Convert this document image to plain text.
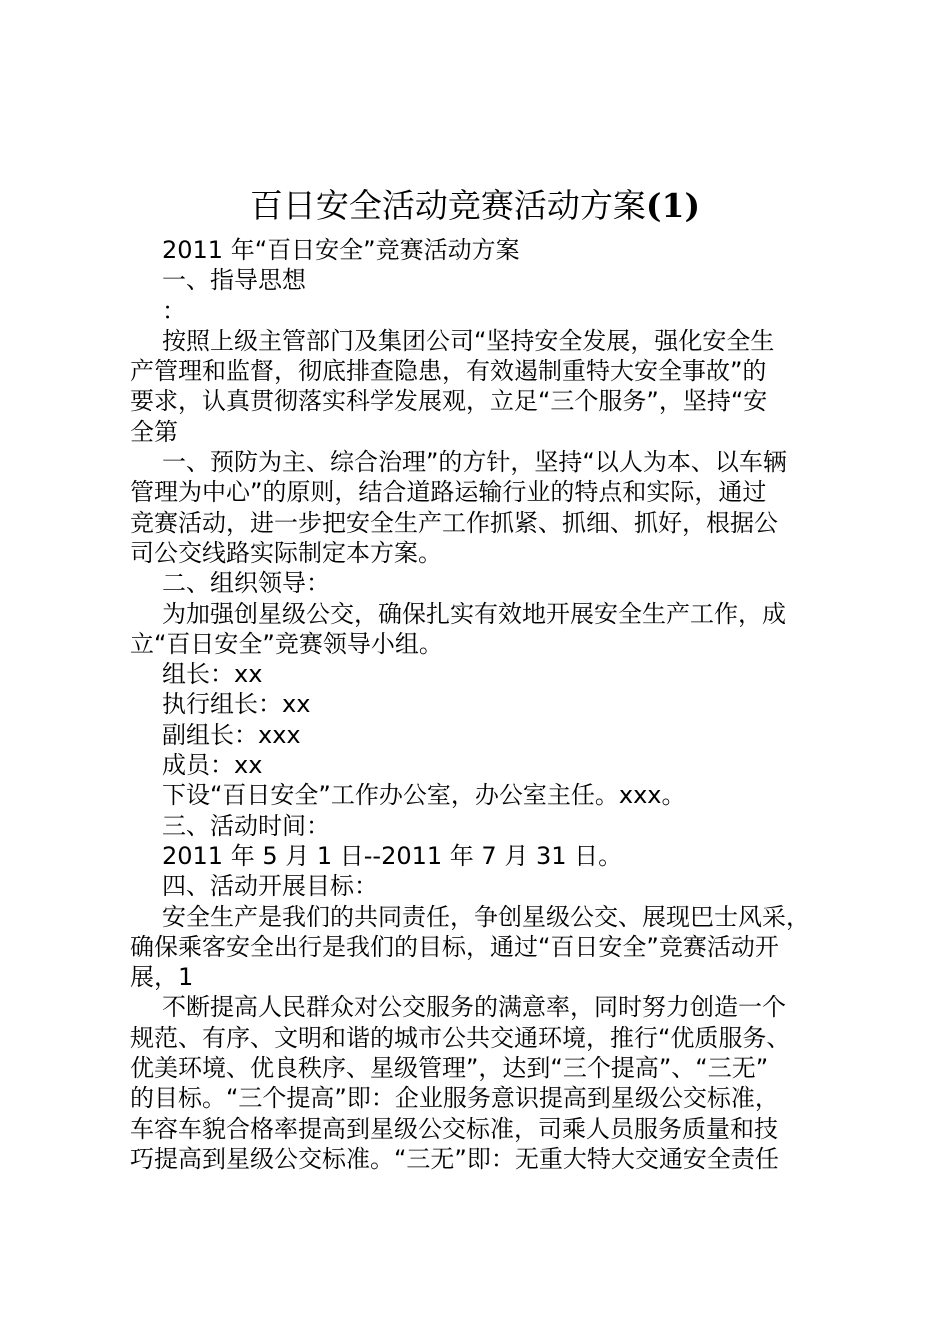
百日安全活动竞赛活动方案(1)

2011 年“百日安全”竞赛活动方案

一、指导思想

：

按照上级主管部门及集团公司“坚持安全发展，强化安全生
产管理和监督，彻底排查隐患，有效遏制重特大安全事故”的
要求，认真贯彻落实科学发展观，立足“三个服务”，坚持“安
全第

一、预防为主、综合治理”的方针，坚持“以人为本、以车辆
管理为中心”的原则，结合道路运输行业的特点和实际，通过
竞赛活动，进一步把安全生产工作抓紧、抓细、抓好，根据公
司公交线路实际制定本方案。

二、组织领导：

为加强创星级公交，确保扎实有效地开展安全生产工作，成
立“百日安全”竞赛领导小组。

组长：xx

执行组长：xx

副组长：xxx

成员：xx

下设“百日安全”工作办公室，办公室主任。xxx。

三、活动时间：

2011 年 5 月 1 日--2011 年 7 月 31 日。

四、活动开展目标：

安全生产是我们的共同责任，争创星级公交、展现巴士风采，
确保乘客安全出行是我们的目标，通过“百日安全”竞赛活动开
展，1

不断提高人民群众对公交服务的满意率，同时努力创造一个
规范、有序、文明和谐的城市公共交通环境，推行“优质服务、
优美环境、优良秩序、星级管理”，达到“三个提高”、“三无”
的目标。“三个提高”即：企业服务意识提高到星级公交标准，
车容车貌合格率提高到星级公交标准，司乘人员服务质量和技
巧提高到星级公交标准。“三无”即：无重大特大交通安全责任
